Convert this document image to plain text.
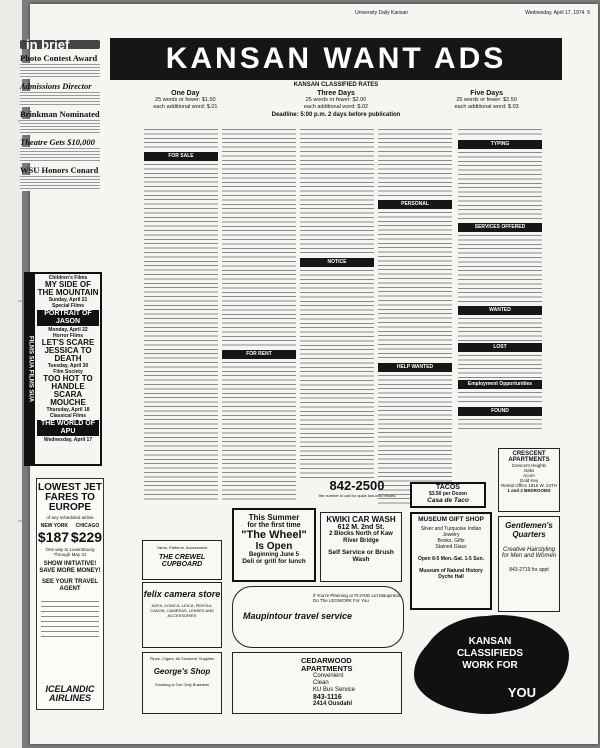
University Daily Kansan	Wednesday, April 17, 1974 5
in brief
Photo Contest Award
Admissions Director
Brinkman Nominated
Theatre Gets $10,000
WSU Honors Conard
FILMS SUA FILMS SUA
Children's Films
MY SIDE OF THE MOUNTAIN
Sunday, April 21
Special Films
PORTRAIT OF JASON
Monday, April 22
Horror Films
LET'S SCARE JESSICA TO DEATH
Tuesday, April 30
Film Society
TOO HOT TO HANDLE
SCARA MOUCHE
Thursday, April 18
Classical Films
THE WORLD OF APU
Wednesday, April 17
LOWEST JET FARES TO EUROPE
of any scheduled airline
NEW YORK CHICAGO
$187 $229
One way to Luxembourg Through May 31
SHOW INITIATIVE! SAVE MORE MONEY!
SEE YOUR TRAVEL AGENT
ICELANDIC AIRLINES
KANSAN WANT ADS
KANSAN CLASSIFIED RATES
One Day
25 words or fewer: $1.50
each additional word: $.01
Three Days
25 words or fewer: $2.00
each additional word: $.02
Five Days
25 words or fewer: $2.50
each additional word: $.03
Deadline: 5:00 p.m. 2 days before publication
FOR SALE
FOR RENT
NOTICE
PERSONAL
HELP WANTED
TYPING
SERVICES OFFERED
WANTED
LOST
Employment Opportunities
FOUND
Yarns, Patterns, Accessories
THE CREWEL CUPBOARD
felix camera store
AGFA, KONICA, LEICA, PENTAX, CANON, CAMERAS, LENSES AND ACCESSORIES
Pipes, Cigars, All Smokers' Supplies
George's Shop
Smoking is Our Only Business
This Summer
for the first time
"The Wheel"
Is Open
Beginning June 5
Deli or grill for lunch
If You're Planning or FLYING Let Maupintour Do The LEGWORK For You
Maupintour travel service
CEDARWOOD APARTMENTS
Convenient
Clean
KU Bus Service
843-1116
2414 Ousdahl
842-2500
the number to call for quick low-cost results
KWIKI CAR WASH
612 M. 2nd St.
2 Blocks North of Kaw River Bridge
Self Service or Brush Wash
TACOS
$3.50 per Dozen
Casa de Taco
MUSEUM GIFT SHOP
Silver and Turquoise Indian Jewelry
Books, Gifts
Stained Glass
Open 8-5 Mon.-Sat. 1-5 Sun.
Museum of Natural History Dyche Hall
CRESCENT APARTMENTS
Crescent Heights
Oaks
Acorn
Gold Key
Rental Office 1815 W. 24TH
1 and 2 BEDROOMS
Gentlemen's Quarters
Creative Hairstyling for Men and Women
843-2719 for appt
KANSAN
CLASSIFIEDS
WORK FOR
YOU
